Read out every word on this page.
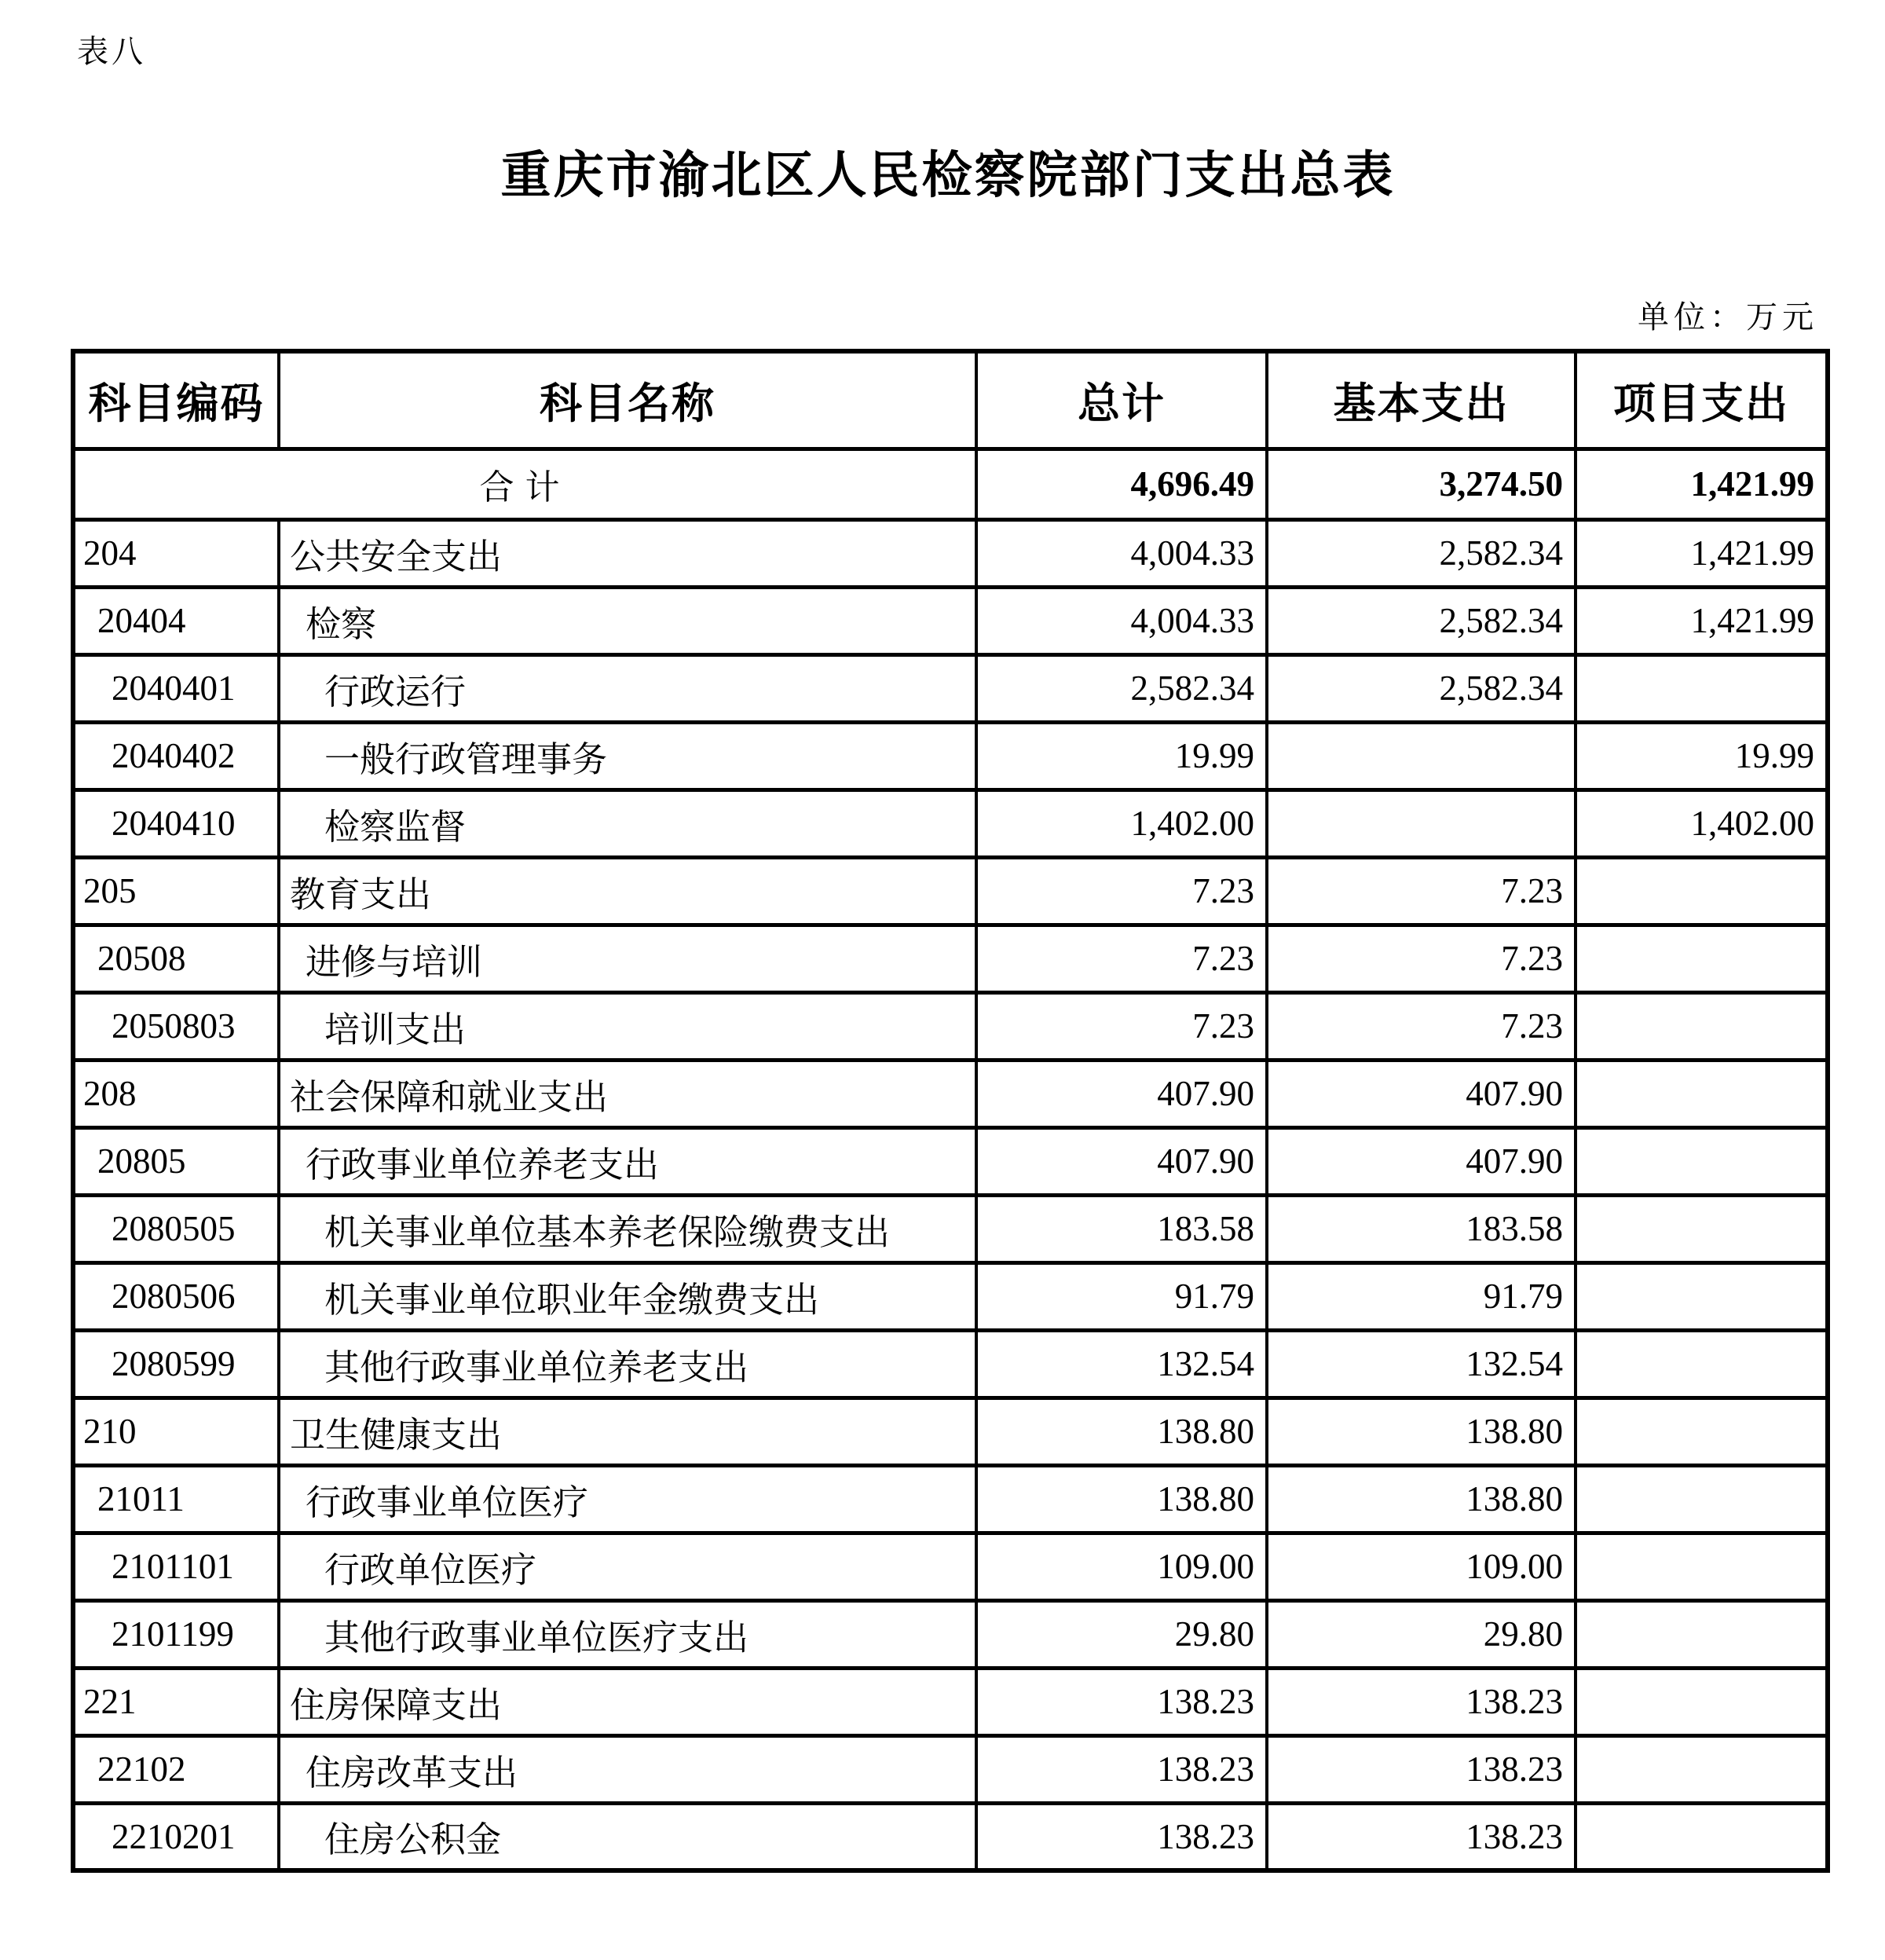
表八
重庆市渝北区人民检察院部门支出总表
单位：万元
科目编码	科目名称	总计	基本支出	项目支出
合计		4,696.49	3,274.50	1,421.99
204	公共安全支出	4,004.33	2,582.34	1,421.99
20404	检察	4,004.33	2,582.34	1,421.99
2040401	行政运行	2,582.34	2,582.34	
2040402	一般行政管理事务	19.99		19.99
2040410	检察监督	1,402.00		1,402.00
205	教育支出	7.23	7.23	
20508	进修与培训	7.23	7.23	
2050803	培训支出	7.23	7.23	
208	社会保障和就业支出	407.90	407.90	
20805	行政事业单位养老支出	407.90	407.90	
2080505	机关事业单位基本养老保险缴费支出	183.58	183.58	
2080506	机关事业单位职业年金缴费支出	91.79	91.79	
2080599	其他行政事业单位养老支出	132.54	132.54	
210	卫生健康支出	138.80	138.80	
21011	行政事业单位医疗	138.80	138.80	
2101101	行政单位医疗	109.00	109.00	
2101199	其他行政事业单位医疗支出	29.80	29.80	
221	住房保障支出	138.23	138.23	
22102	住房改革支出	138.23	138.23	
2210201	住房公积金	138.23	138.23	
